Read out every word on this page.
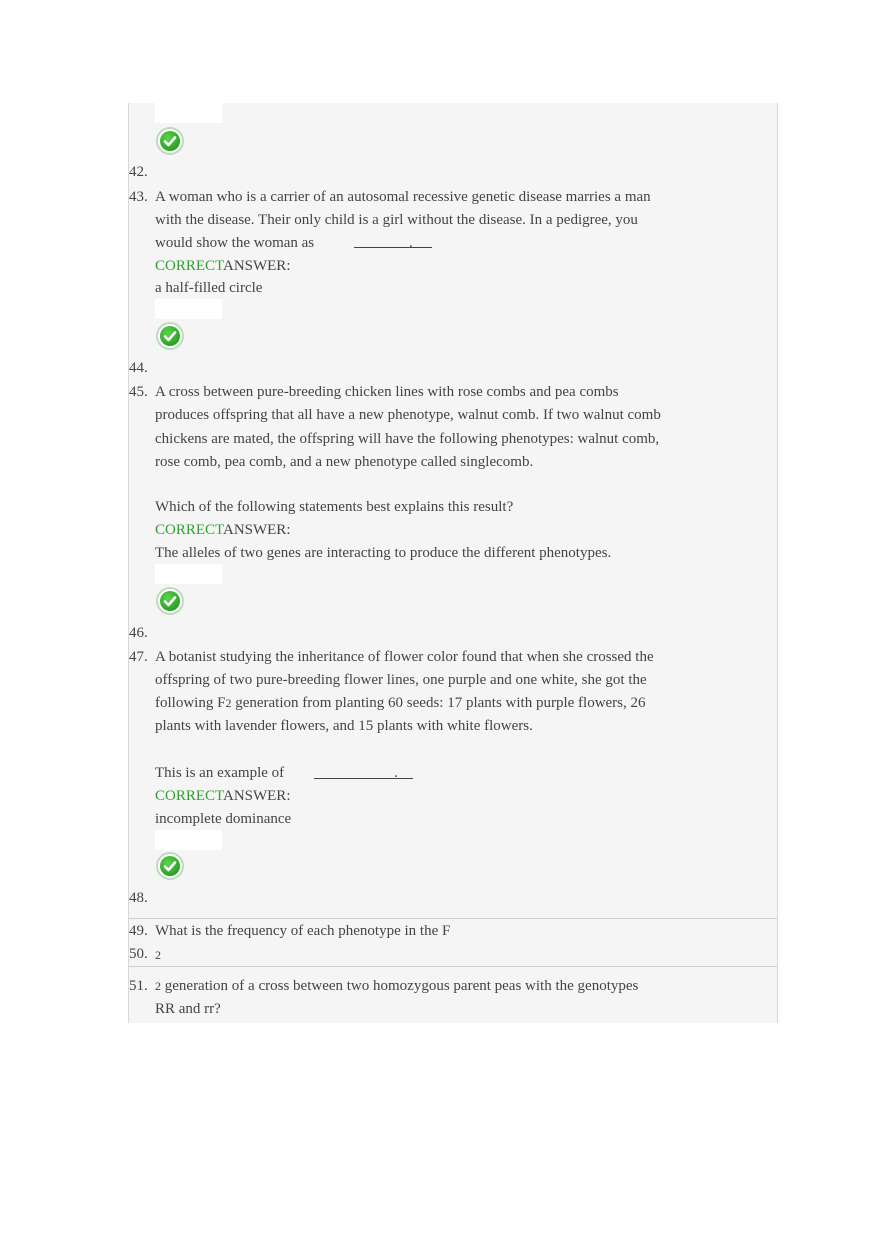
42.
43. A woman who is a carrier of an autosomal recessive genetic disease marries a man
with the disease. Their only child is a girl without the disease. In a pedigree, you
would show the woman as	.
CORRECTANSWER:
a half-filled circle
44.
45. A cross between pure-breeding chicken lines with rose combs and pea combs
produces offspring that all have a new phenotype, walnut comb. If two walnut comb
chickens are mated, the offspring will have the following phenotypes: walnut comb,
rose comb, pea comb, and a new phenotype called singlecomb.
Which of the following statements best explains this result?
CORRECTANSWER:
The alleles of two genes are interacting to produce the different phenotypes.
46.
47. A botanist studying the inheritance of flower color found that when she crossed the
offspring of two pure-breeding flower lines, one purple and one white, she got the
following F2 generation from planting 60 seeds: 17 plants with purple flowers, 26
plants with lavender flowers, and 15 plants with white flowers.
This is an example of	.
CORRECTANSWER:
incomplete dominance
48.
49. What is the frequency of each phenotype in the F
50. 2
51. 2 generation of a cross between two homozygous parent peas with the genotypes
RR and rr?
